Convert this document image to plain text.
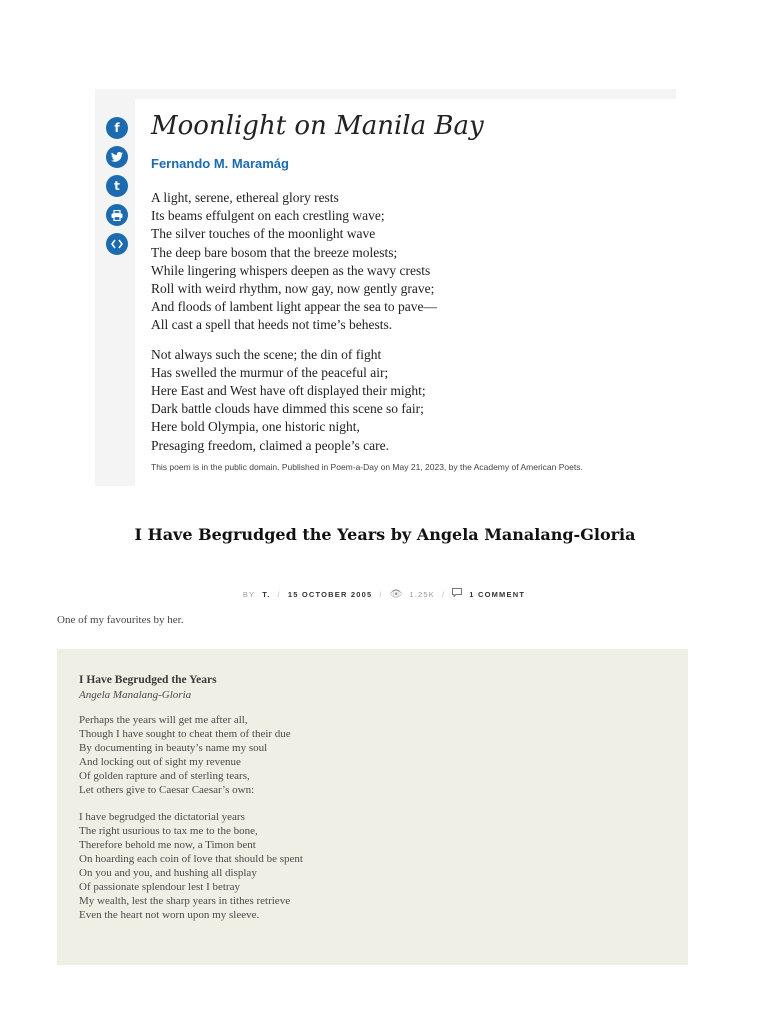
f
t
Moonlight on Manila Bay
Fernando M. Maramág
A light, serene, ethereal glory rests
Its beams effulgent on each crestling wave;
The silver touches of the moonlight wave
The deep bare bosom that the breeze molests;
While lingering whispers deepen as the wavy crests
Roll with weird rhythm, now gay, now gently grave;
And floods of lambent light appear the sea to pave—
All cast a spell that heeds not time’s behests.
Not always such the scene; the din of fight
Has swelled the murmur of the peaceful air;
Here East and West have oft displayed their might;
Dark battle clouds have dimmed this scene so fair;
Here bold Olympia, one historic night,
Presaging freedom, claimed a people’s care.
This poem is in the public domain. Published in Poem-a-Day on May 21, 2023, by the Academy of American Poets.
I Have Begrudged the Years by Angela Manalang-Gloria
BY T. / 15 OCTOBER 2005 / 👁 1.25K /	1 COMMENT
One of my favourites by her.
I Have Begrudged the Years
Angela Manalang-Gloria
Perhaps the years will get me after all,
Though I have sought to cheat them of their due
By documenting in beauty’s name my soul
And locking out of sight my revenue
Of golden rapture and of sterling tears,
Let others give to Caesar Caesar’s own:
I have begrudged the dictatorial years
The right usurious to tax me to the bone,
Therefore behold me now, a Timon bent
On hoarding each coin of love that should be spent
On you and you, and hushing all display
Of passionate splendour lest I betray
My wealth, lest the sharp years in tithes retrieve
Even the heart not worn upon my sleeve.
